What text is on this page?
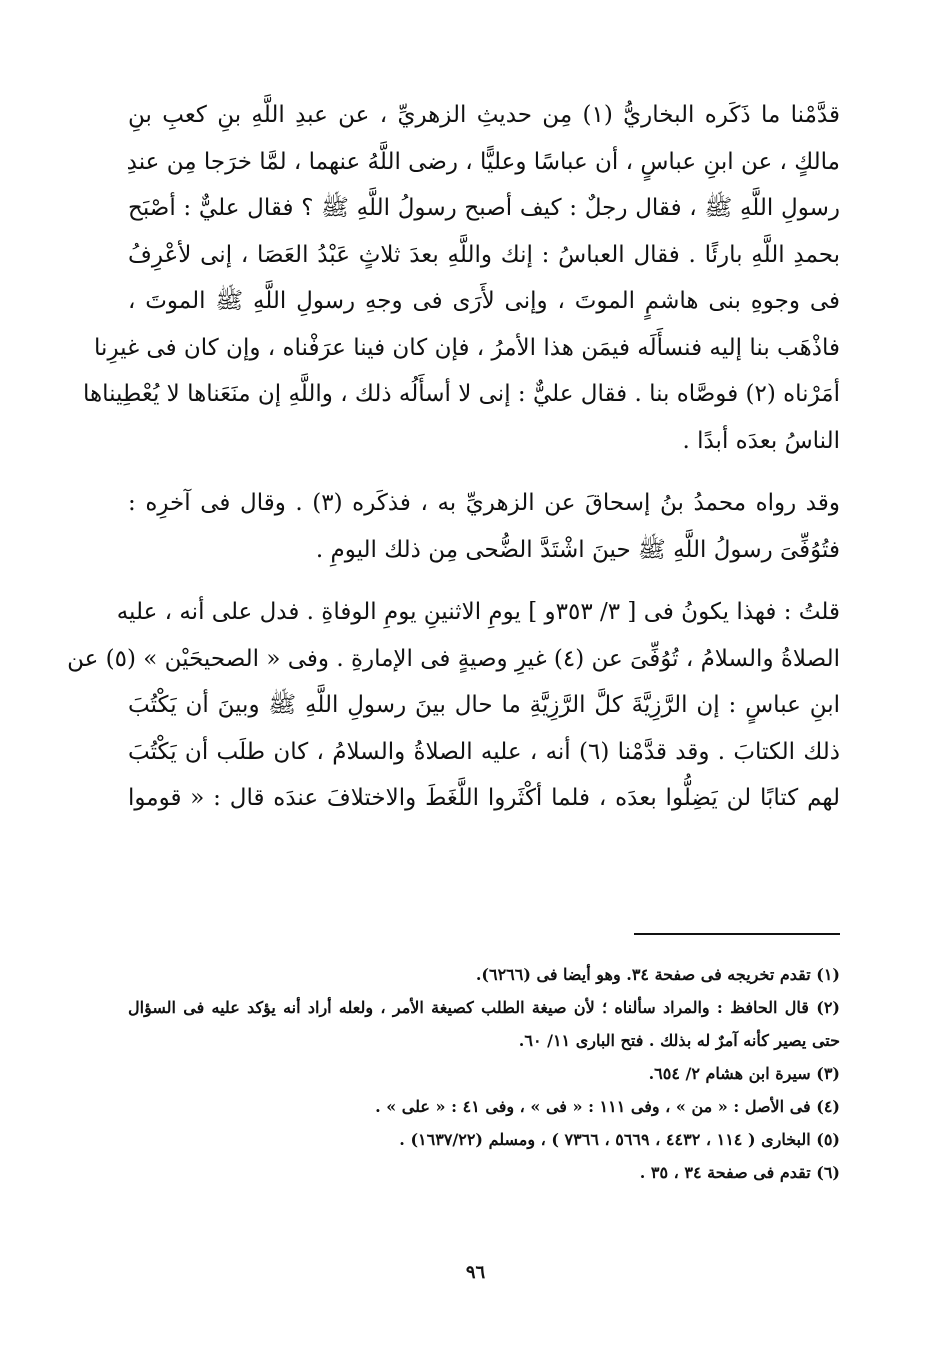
قدَّمْنا ما ذَكَره البخاريُّ (١) مِن حديثِ الزهريِّ ، عن عبدِ اللَّهِ بنِ كعبِ بنِ
مالكٍ ، عن ابنِ عباسٍ ، أن عباسًا وعليًّا ، رضى اللَّهُ عنهما ، لمَّا خرَجا مِن عندِ
رسولِ اللَّهِ ﷺ ، فقال رجلٌ : كيف أصبح رسولُ اللَّهِ ﷺ ؟ فقال عليٌّ : أصْبَح
بحمدِ اللَّهِ بارئًا . فقال العباسُ : إنك واللَّهِ بعدَ ثلاثٍ عَبْدُ العَصَا ، إنى لأعْرِفُ
فى وجوهِ بنى هاشمٍ الموتَ ، وإنى لأَرَى فى وجهِ رسولِ اللَّهِ ﷺ الموتَ ،
فاذْهَب بنا إليه فنسأَلَه فيمَن هذا الأمرُ ، فإن كان فينا عرَفْناه ، وإن كان فى غيرِنا
أمَرْناه (٢) فوصَّاه بنا . فقال عليٌّ : إنى لا أسأَلُه ذلك ، واللَّهِ إن منَعَناها لا يُعْطِيناها
الناسُ بعدَه أبدًا .
وقد رواه محمدُ بنُ إسحاقَ عن الزهريِّ به ، فذكَره (٣) . وقال فى آخرِه :
فتُوُفِّىَ رسولُ اللَّهِ ﷺ حينَ اشْتَدَّ الضُّحى مِن ذلك اليومِ .
قلتُ : فهذا يكونُ فى [ ٣/ ٣٥٣و ] يومِ الاثنينِ يومِ الوفاةِ . فدل على أنه ، عليه
الصلاةُ والسلامُ ، تُوُفِّىَ عن (٤) غيرِ وصيةٍ فى الإمارةِ . وفى « الصحيحَيْن » (٥) عن
ابنِ عباسٍ : إن الرَّزِيَّةَ كلَّ الرَّزِيَّةِ ما حال بينَ رسولِ اللَّهِ ﷺ وبينَ أن يَكْتُبَ
ذلك الكتابَ . وقد قدَّمْنا (٦) أنه ، عليه الصلاةُ والسلامُ ، كان طلَب أن يَكْتُبَ
لهم كتابًا لن يَضِلُّوا بعدَه ، فلما أكْثَروا اللَّغَطَ والاختلافَ عندَه قال : « قوموا
(١) تقدم تخريجه فى صفحة ٣٤. وهو أيضا فى (٦٢٦٦).
(٢) قال الحافظ : والمراد سألناه ؛ لأن صيغة الطلب كصيغة الأمر ، ولعله أراد أنه يؤكد عليه فى السؤال
حتى يصير كأنه آمرٌ له بذلك . فتح البارى ١١/ ٦٠.
(٣) سيرة ابن هشام ٢/ ٦٥٤.
(٤) فى الأصل : « من » ، وفى ١١١ : « فى » ، وفى ٤١ : « على » .
(٥) البخارى ( ١١٤ ، ٤٤٣٢ ، ٥٦٦٩ ، ٧٣٦٦ ) ، ومسلم (١٦٣٧/٢٢) .
(٦) تقدم فى صفحة ٣٤ ، ٣٥ .
٩٦
